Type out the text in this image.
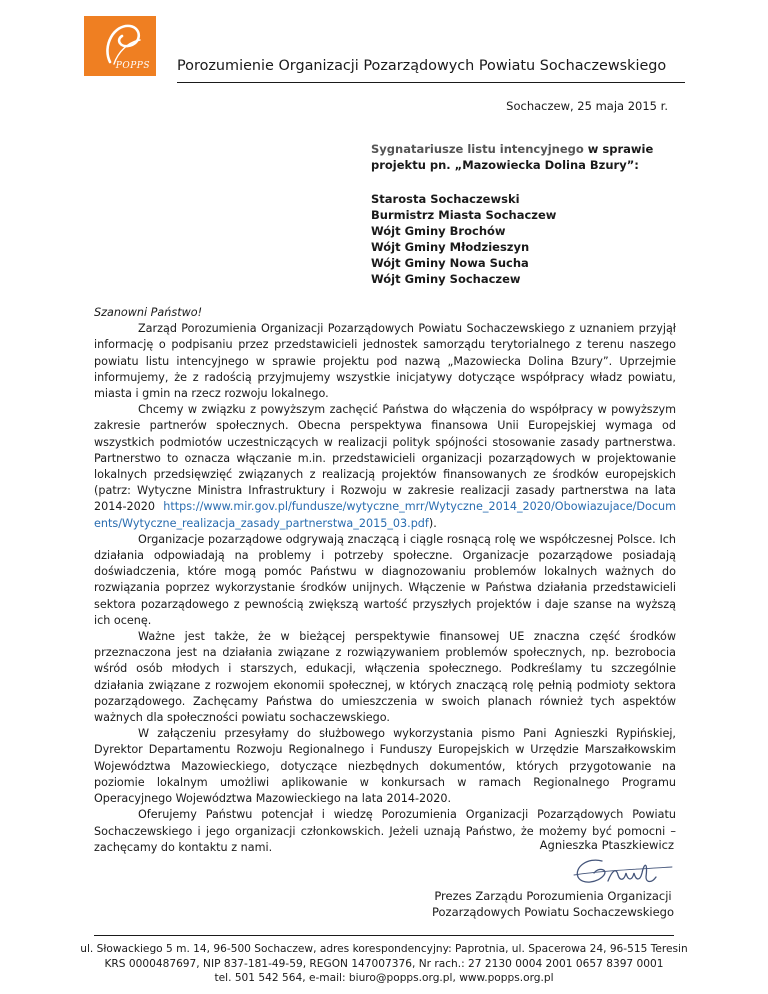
POPPS Porozumienie Organizacji Pozarządowych Powiatu Sochaczewskiego
Sochaczew, 25 maja 2015 r.
Sygnatariusze listu intencyjnego w sprawie
projektu pn. „Mazowiecka Dolina Bzury”:
Starosta Sochaczewski
Burmistrz Miasta Sochaczew
Wójt Gminy Brochów
Wójt Gminy Młodzieszyn
Wójt Gminy Nowa Sucha
Wójt Gminy Sochaczew
Szanowni Państwo!

Zarząd Porozumienia Organizacji Pozarządowych Powiatu Sochaczewskiego z uznaniem przyjął informację o podpisaniu przez przedstawicieli jednostek samorządu terytorialnego z terenu naszego powiatu listu intencyjnego w sprawie projektu pod nazwą „Mazowiecka Dolina Bzury”. Uprzejmie informujemy, że z radością przyjmujemy wszystkie inicjatywy dotyczące współpracy władz powiatu, miasta i gmin na rzecz rozwoju lokalnego.

Chcemy w związku z powyższym zachęcić Państwa do włączenia do współpracy w powyższym zakresie partnerów społecznych. Obecna perspektywa finansowa Unii Europejskiej wymaga od wszystkich podmiotów uczestniczących w realizacji polityk spójności stosowanie zasady partnerstwa. Partnerstwo to oznacza włączanie m.in. przedstawicieli organizacji pozarządowych w projektowanie lokalnych przedsięwzięć związanych z realizacją projektów finansowanych ze środków europejskich (patrz: Wytyczne Ministra Infrastruktury i Rozwoju w zakresie realizacji zasady partnerstwa na lata 2014-2020 https://www.mir.gov.pl/fundusze/wytyczne_mrr/Wytyczne_2014_2020/Obowiazujace/Documents/Wytyczne_realizacja_zasady_partnerstwa_2015_03.pdf).

Organizacje pozarządowe odgrywają znaczącą i ciągle rosnącą rolę we współczesnej Polsce. Ich działania odpowiadają na problemy i potrzeby społeczne. Organizacje pozarządowe posiadają doświadczenia, które mogą pomóc Państwu w diagnozowaniu problemów lokalnych ważnych do rozwiązania poprzez wykorzystanie środków unijnych. Włączenie w Państwa działania przedstawicieli sektora pozarządowego z pewnością zwiększą wartość przyszłych projektów i daje szanse na wyższą ich ocenę.

Ważne jest także, że w bieżącej perspektywie finansowej UE znaczna część środków przeznaczona jest na działania związane z rozwiązywaniem problemów społecznych, np. bezrobocia wśród osób młodych i starszych, edukacji, włączenia społecznego. Podkreślamy tu szczególnie działania związane z rozwojem ekonomii społecznej, w których znaczącą rolę pełnią podmioty sektora pozarządowego. Zachęcamy Państwa do umieszczenia w swoich planach również tych aspektów ważnych dla społeczności powiatu sochaczewskiego.

W załączeniu przesyłamy do służbowego wykorzystania pismo Pani Agnieszki Rypińskiej, Dyrektor Departamentu Rozwoju Regionalnego i Funduszy Europejskich w Urzędzie Marszałkowskim Województwa Mazowieckiego, dotyczące niezbędnych dokumentów, których przygotowanie na poziomie lokalnym umożliwi aplikowanie w konkursach w ramach Regionalnego Programu Operacyjnego Województwa Mazowieckiego na lata 2014-2020.

Oferujemy Państwu potencjał i wiedzę Porozumienia Organizacji Pozarządowych Powiatu Sochaczewskiego i jego organizacji członkowskich. Jeżeli uznają Państwo, że możemy być pomocni – zachęcamy do kontaktu z nami.	Agnieszka Ptaszkiewicz
Prezes Zarządu Porozumienia Organizacji
Pozarządowych Powiatu Sochaczewskiego
ul. Słowackiego 5 m. 14, 96-500 Sochaczew, adres korespondencyjny: Paprotnia, ul. Spacerowa 24, 96-515 Teresin
KRS 0000487697, NIP 837-181-49-59, REGON 147007376, Nr rach.: 27 2130 0004 2001 0657 8397 0001
tel. 501 542 564, e-mail: biuro@popps.org.pl, www.popps.org.pl
